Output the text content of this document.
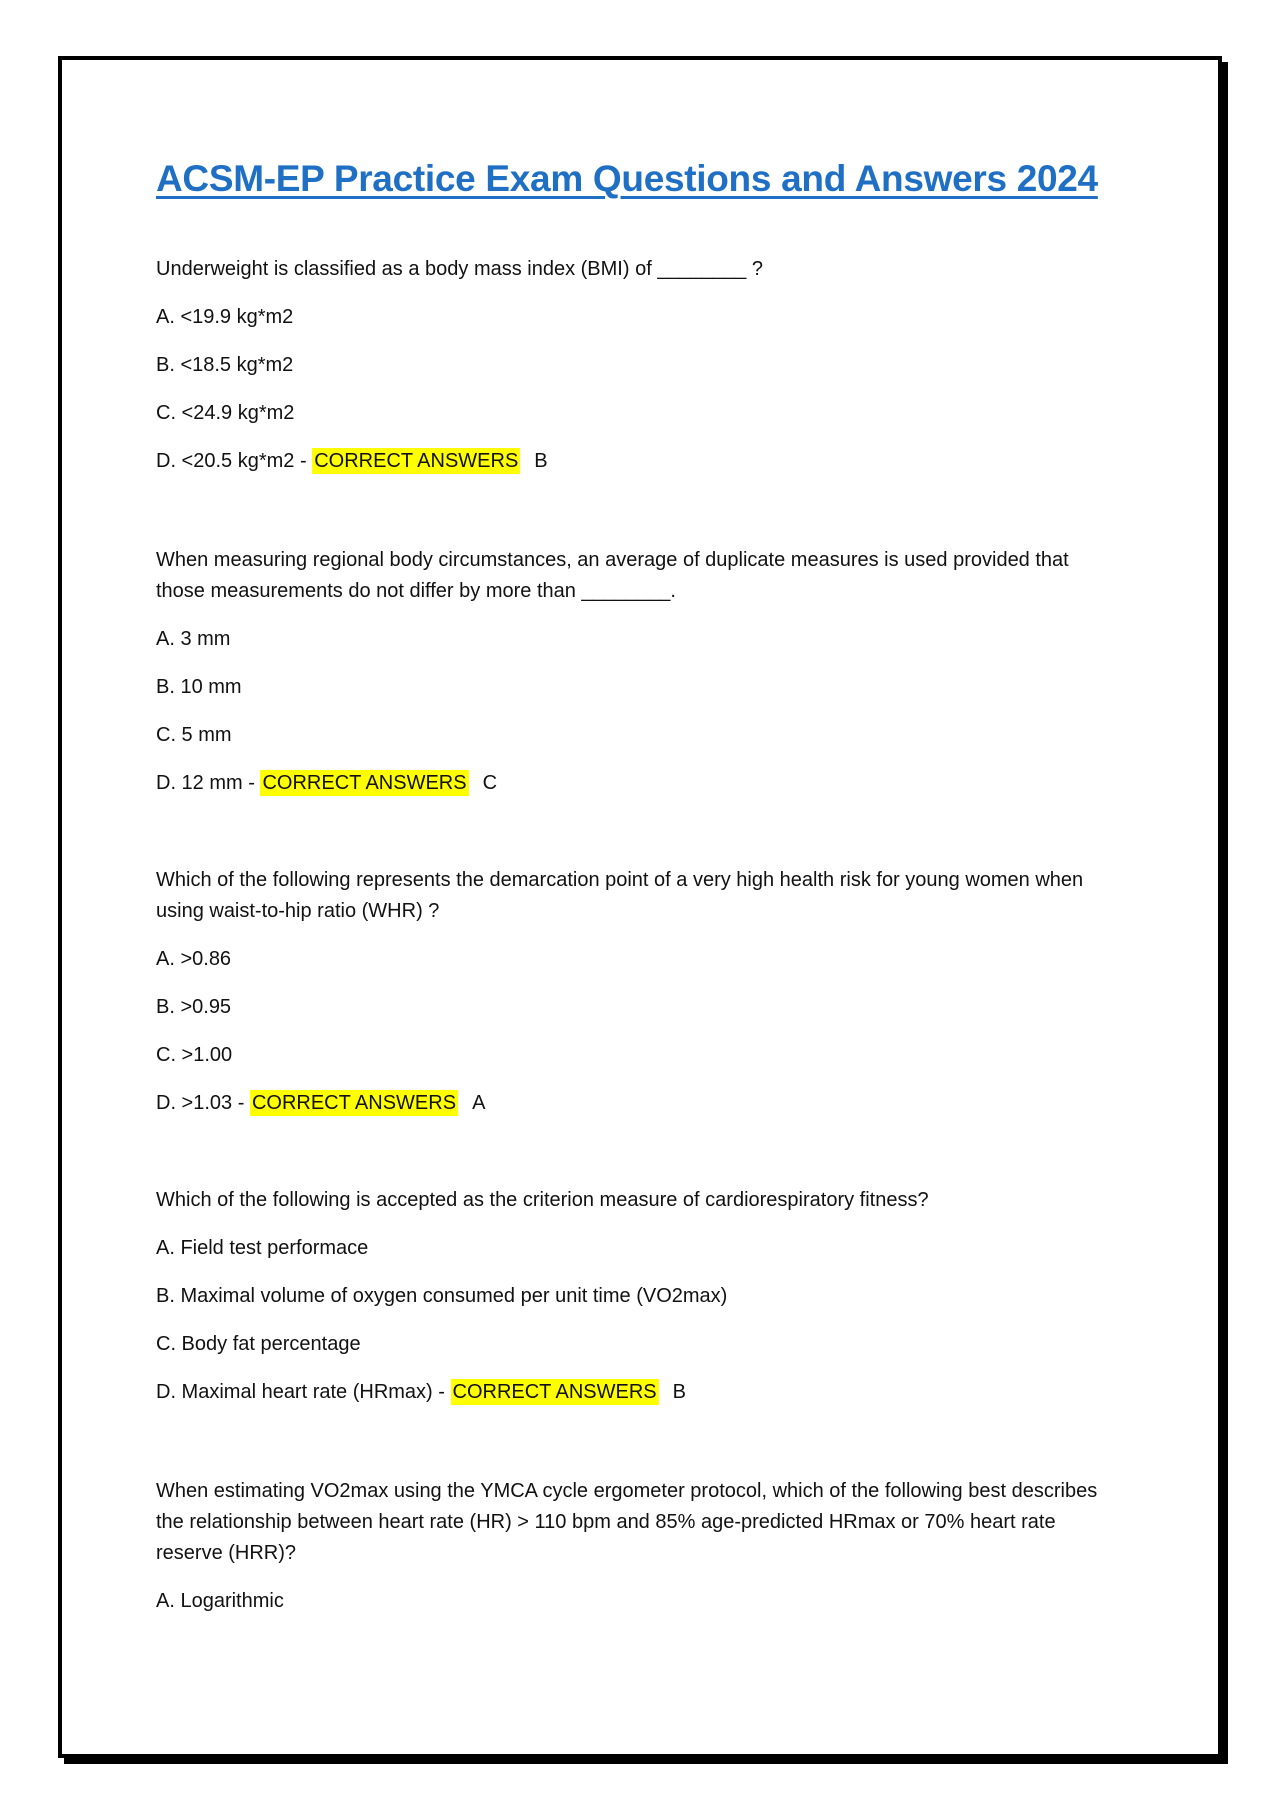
ACSM-EP Practice Exam Questions and Answers 2024

Underweight is classified as a body mass index (BMI) of ________ ?

A. <19.9 kg*m2

B. <18.5 kg*m2

C. <24.9 kg*m2

D. <20.5 kg*m2 - CORRECT ANSWERS B

When measuring regional body circumstances, an average of duplicate measures is used provided that those measurements do not differ by more than ________.

A. 3 mm

B. 10 mm

C. 5 mm

D. 12 mm - CORRECT ANSWERS C

Which of the following represents the demarcation point of a very high health risk for young women when using waist-to-hip ratio (WHR) ?

A. >0.86

B. >0.95

C. >1.00

D. >1.03 - CORRECT ANSWERS A

Which of the following is accepted as the criterion measure of cardiorespiratory fitness?

A. Field test performace

B. Maximal volume of oxygen consumed per unit time (VO2max)

C. Body fat percentage

D. Maximal heart rate (HRmax) - CORRECT ANSWERS B

When estimating VO2max using the YMCA cycle ergometer protocol, which of the following best describes the relationship between heart rate (HR) > 110 bpm and 85% age-predicted HRmax or 70% heart rate reserve (HRR)?

A. Logarithmic
